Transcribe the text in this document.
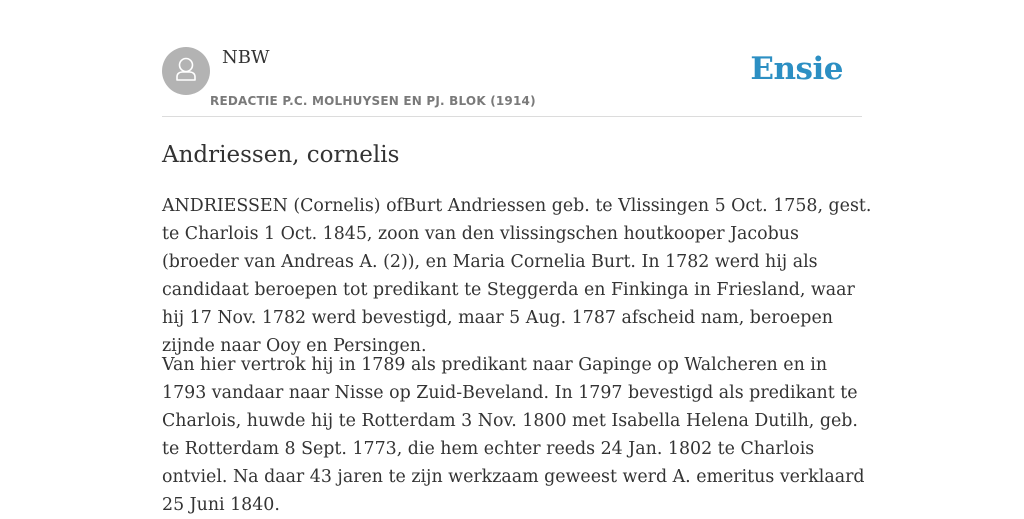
NBW
REDACTIE P.C. MOLHUYSEN EN PJ. BLOK (1914)
Ensie
Andriessen, cornelis

ANDRIESSEN (Cornelis) ofBurt Andriessen geb. te Vlissingen 5 Oct. 1758, gest. te Charlois 1 Oct. 1845, zoon van den vlissingschen houtkooper Jacobus (broeder van Andreas A. (2)), en Maria Cornelia Burt. In 1782 werd hij als candidaat beroepen tot predikant te Steggerda en Finkinga in Friesland, waar hij 17 Nov. 1782 werd bevestigd, maar 5 Aug. 1787 afscheid nam, beroepen zijnde naar Ooy en Persingen.

Van hier vertrok hij in 1789 als predikant naar Gapinge op Walcheren en in 1793 vandaar naar Nisse op Zuid-Beveland. In 1797 bevestigd als predikant te Charlois, huwde hij te Rotterdam 3 Nov. 1800 met Isabella Helena Dutilh, geb. te Rotterdam 8 Sept. 1773, die hem echter reeds 24 Jan. 1802 te Charlois ontviel. Na daar 43 jaren te zijn werkzaam geweest werd A. emeritus verklaard 25 Juni 1840.
